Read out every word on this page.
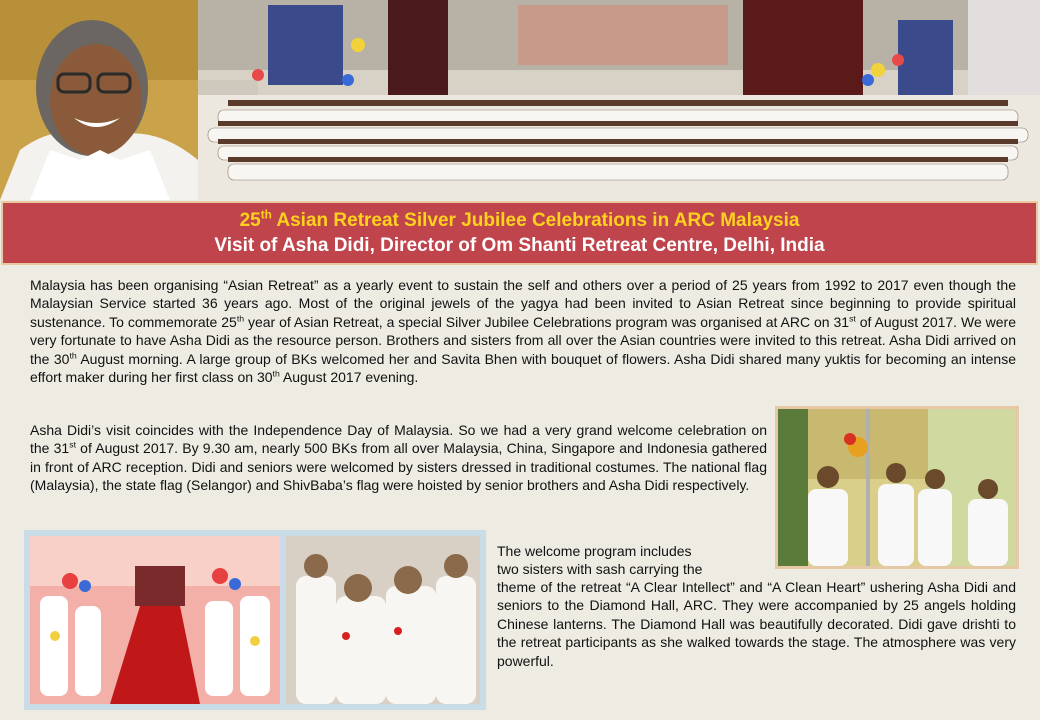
25th Asian Retreat Silver Jubilee Celebrations in ARC Malaysia
Visit of Asha Didi, Director of Om Shanti Retreat Centre, Delhi, India

Malaysia has been organising “Asian Retreat” as a yearly event to sustain the self and others over a period of 25 years from 1992 to 2017 even though the Malaysian Service started 36 years ago. Most of the original jewels of the yagya had been invited to Asian Retreat since beginning to provide spiritual sustenance. To commemorate 25th year of Asian Retreat, a special Silver Jubilee Celebrations program was organised at ARC on 31st of August 2017. We were very fortunate to have Asha Didi as the resource person. Brothers and sisters from all over the Asian countries were invited to this retreat. Asha Didi arrived on the 30th August morning. A large group of BKs welcomed her and Savita Bhen with bouquet of flowers. Asha Didi shared many yuktis for becoming an intense effort maker during her first class on 30th August 2017 evening.

Asha Didi’s visit coincides with the Independence Day of Malaysia. So we had a very grand welcome celebration on the 31st of August 2017. By 9.30 am, nearly 500 BKs from all over Malaysia, China, Singapore and Indonesia gathered in front of ARC reception. Didi and seniors were welcomed by sisters dressed in traditional costumes. The national flag (Malaysia), the state flag (Selangor) and ShivBaba’s flag were hoisted by senior brothers and Asha Didi respectively.

The welcome program includes
two sisters with sash carrying the

theme of the retreat “A Clear Intellect” and “A Clean Heart” ushering Asha Didi and seniors to the Diamond Hall, ARC. They were accompanied by 25 angels holding Chinese lanterns. The Diamond Hall was beautifully decorated. Didi gave drishti to the retreat participants as she walked towards the stage. The atmosphere was very powerful.
